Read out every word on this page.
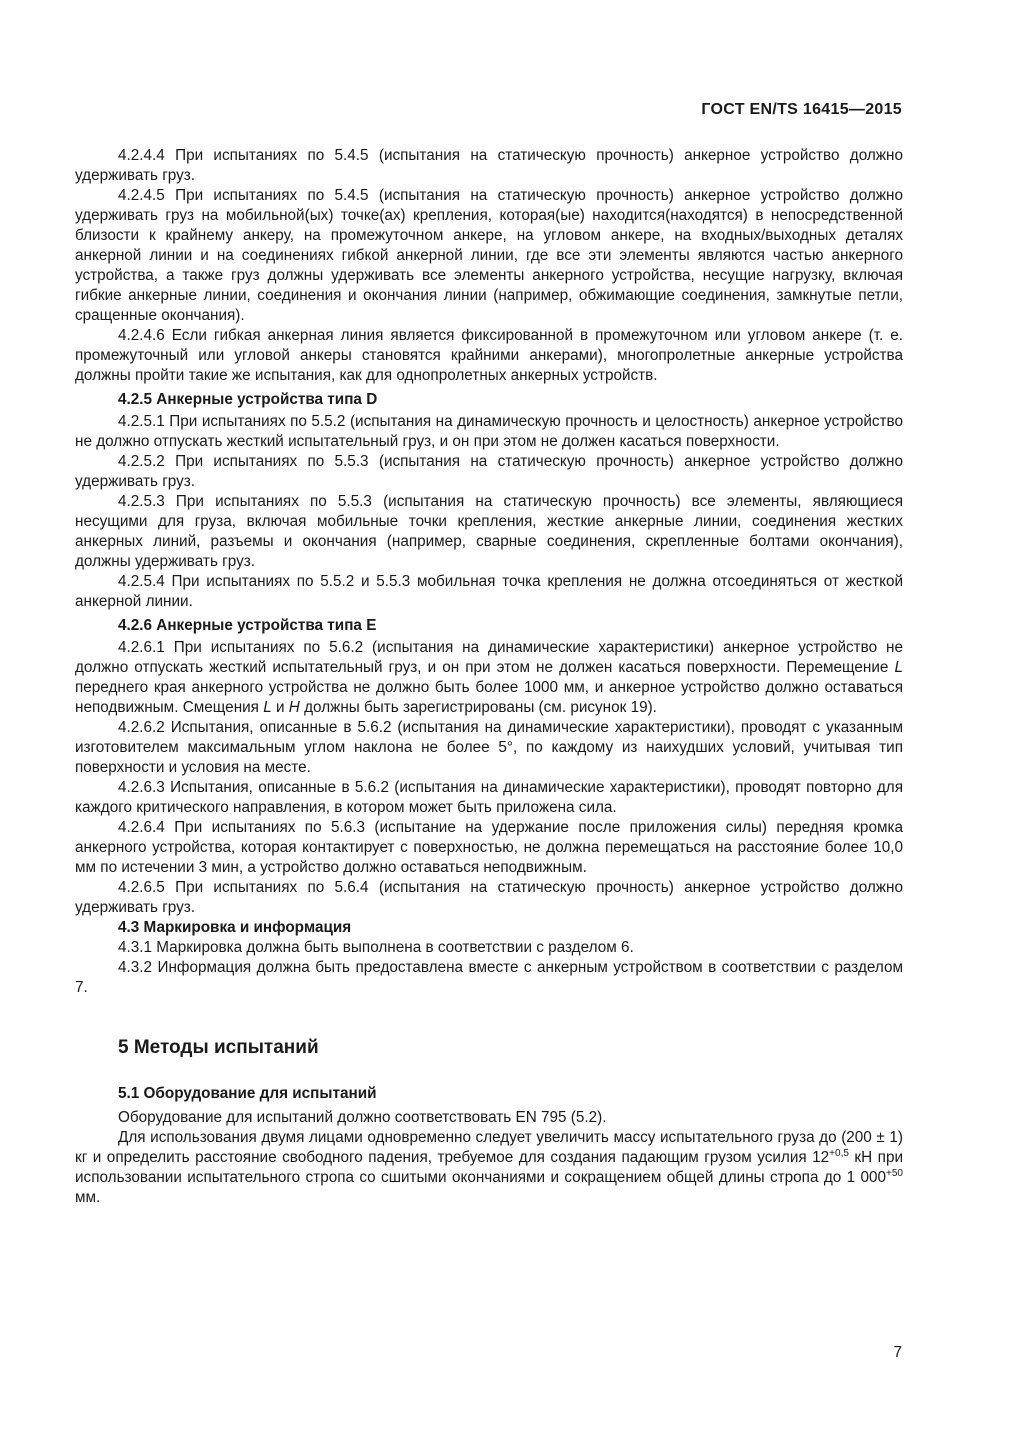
ГОСТ EN/TS 16415—2015

4.2.4.4 При испытаниях по 5.4.5 (испытания на статическую прочность) анкерное устройство должно удерживать груз.

4.2.4.5 При испытаниях по 5.4.5 (испытания на статическую прочность) анкерное устройство должно удерживать груз на мобильной(ых) точке(ах) крепления, которая(ые) находится(находятся) в непосредственной близости к крайнему анкеру, на промежуточном анкере, на угловом анкере, на входных/выходных деталях анкерной линии и на соединениях гибкой анкерной линии, где все эти элементы являются частью анкерного устройства, а также груз должны удерживать все элементы анкерного устройства, несущие нагрузку, включая гибкие анкерные линии, соединения и окончания линии (например, обжимающие соединения, замкнутые петли, сращенные окончания).

4.2.4.6 Если гибкая анкерная линия является фиксированной в промежуточном или угловом анкере (т. е. промежуточный или угловой анкеры становятся крайними анкерами), многопролетные анкерные устройства должны пройти такие же испытания, как для однопролетных анкерных устройств.

4.2.5 Анкерные устройства типа D

4.2.5.1 При испытаниях по 5.5.2 (испытания на динамическую прочность и целостность) анкерное устройство не должно отпускать жесткий испытательный груз, и он при этом не должен касаться поверхности.

4.2.5.2 При испытаниях по 5.5.3 (испытания на статическую прочность) анкерное устройство должно удерживать груз.

4.2.5.3 При испытаниях по 5.5.3 (испытания на статическую прочность) все элементы, являющиеся несущими для груза, включая мобильные точки крепления, жесткие анкерные линии, соединения жестких анкерных линий, разъемы и окончания (например, сварные соединения, скрепленные болтами окончания), должны удерживать груз.

4.2.5.4 При испытаниях по 5.5.2 и 5.5.3 мобильная точка крепления не должна отсоединяться от жесткой анкерной линии.

4.2.6 Анкерные устройства типа E

4.2.6.1 При испытаниях по 5.6.2 (испытания на динамические характеристики) анкерное устройство не должно отпускать жесткий испытательный груз, и он при этом не должен касаться поверхности. Перемещение L переднего края анкерного устройства не должно быть более 1000 мм, и анкерное устройство должно оставаться неподвижным. Смещения L и H должны быть зарегистрированы (см. рисунок 19).

4.2.6.2 Испытания, описанные в 5.6.2 (испытания на динамические характеристики), проводят с указанным изготовителем максимальным углом наклона не более 5°, по каждому из наихудших условий, учитывая тип поверхности и условия на месте.

4.2.6.3 Испытания, описанные в 5.6.2 (испытания на динамические характеристики), проводят повторно для каждого критического направления, в котором может быть приложена сила.

4.2.6.4 При испытаниях по 5.6.3 (испытание на удержание после приложения силы) передняя кромка анкерного устройства, которая контактирует с поверхностью, не должна перемещаться на расстояние более 10,0 мм по истечении 3 мин, а устройство должно оставаться неподвижным.

4.2.6.5 При испытаниях по 5.6.4 (испытания на статическую прочность) анкерное устройство должно удерживать груз.

4.3 Маркировка и информация

4.3.1 Маркировка должна быть выполнена в соответствии с разделом 6.

4.3.2 Информация должна быть предоставлена вместе с анкерным устройством в соответствии с разделом 7.

5 Методы испытаний
5.1 Оборудование для испытаний

Оборудование для испытаний должно соответствовать EN 795 (5.2).

Для использования двумя лицами одновременно следует увеличить массу испытательного груза до (200 ± 1) кг и определить расстояние свободного падения, требуемое для создания падающим грузом усилия $12^{+0,5}$ кН при использовании испытательного стропа со сшитыми окончаниями и сокращением общей длины стропа до 1 $000^{+50}$ мм.

7
